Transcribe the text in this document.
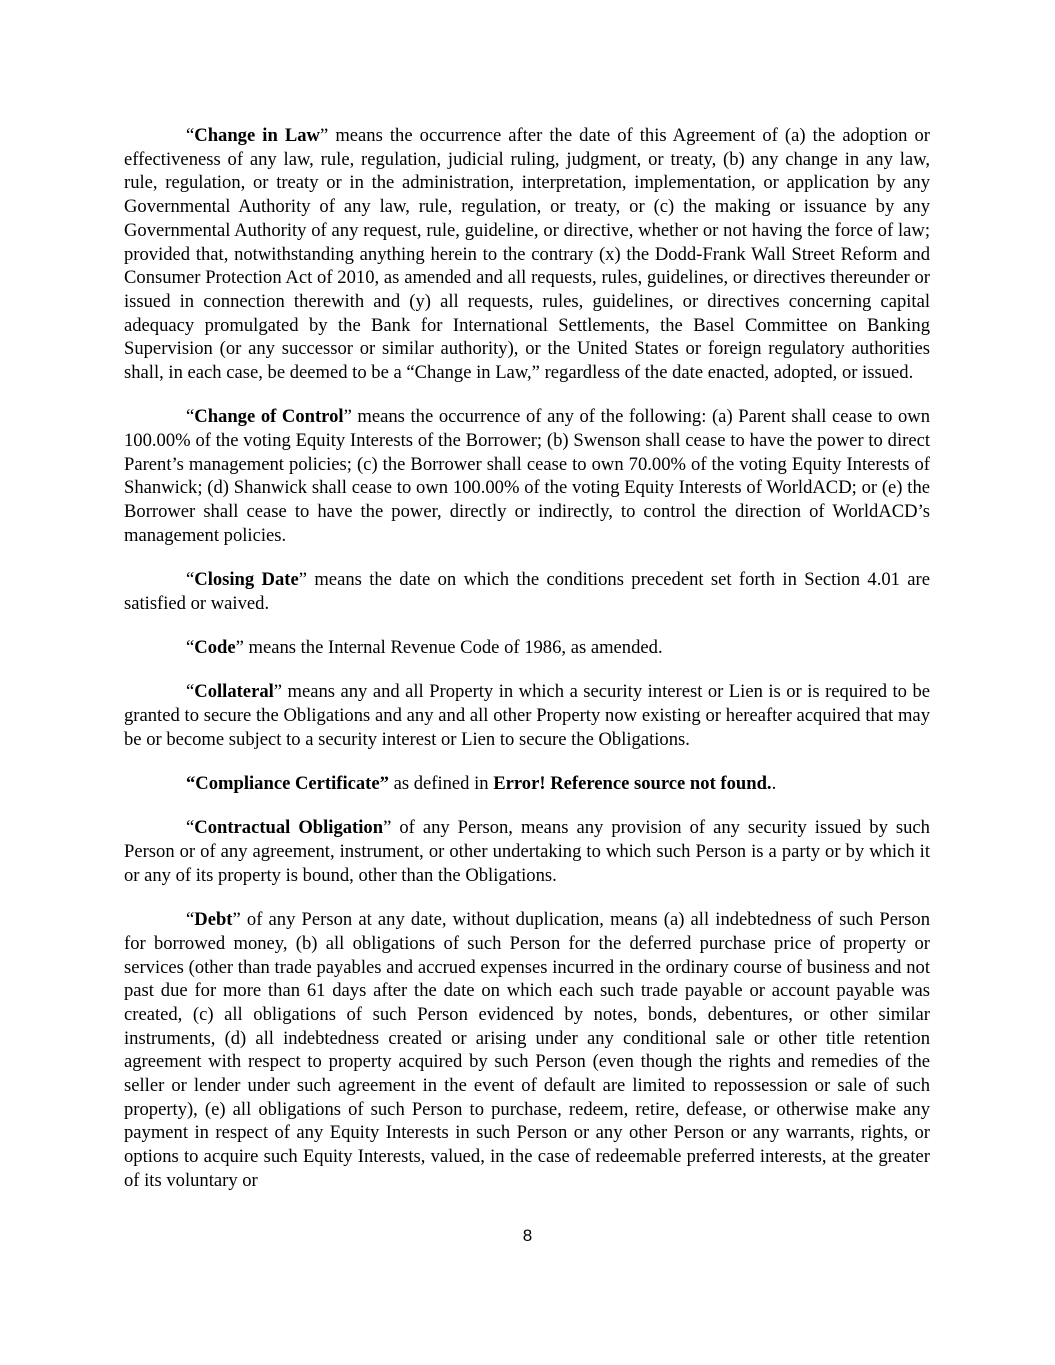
“Change in Law” means the occurrence after the date of this Agreement of (a) the adoption or effectiveness of any law, rule, regulation, judicial ruling, judgment, or treaty, (b) any change in any law, rule, regulation, or treaty or in the administration, interpretation, implementation, or application by any Governmental Authority of any law, rule, regulation, or treaty, or (c) the making or issuance by any Governmental Authority of any request, rule, guideline, or directive, whether or not having the force of law; provided that, notwithstanding anything herein to the contrary (x) the Dodd-Frank Wall Street Reform and Consumer Protection Act of 2010, as amended and all requests, rules, guidelines, or directives thereunder or issued in connection therewith and (y) all requests, rules, guidelines, or directives concerning capital adequacy promulgated by the Bank for International Settlements, the Basel Committee on Banking Supervision (or any successor or similar authority), or the United States or foreign regulatory authorities shall, in each case, be deemed to be a “Change in Law,” regardless of the date enacted, adopted, or issued.

“Change of Control” means the occurrence of any of the following: (a) Parent shall cease to own 100.00% of the voting Equity Interests of the Borrower; (b) Swenson shall cease to have the power to direct Parent’s management policies; (c) the Borrower shall cease to own 70.00% of the voting Equity Interests of Shanwick; (d) Shanwick shall cease to own 100.00% of the voting Equity Interests of WorldACD; or (e) the Borrower shall cease to have the power, directly or indirectly, to control the direction of WorldACD’s management policies.

“Closing Date” means the date on which the conditions precedent set forth in Section 4.01 are satisfied or waived.

“Code” means the Internal Revenue Code of 1986, as amended.

“Collateral” means any and all Property in which a security interest or Lien is or is required to be granted to secure the Obligations and any and all other Property now existing or hereafter acquired that may be or become subject to a security interest or Lien to secure the Obligations.

“Compliance Certificate” as defined in Error! Reference source not found..

“Contractual Obligation” of any Person, means any provision of any security issued by such Person or of any agreement, instrument, or other undertaking to which such Person is a party or by which it or any of its property is bound, other than the Obligations.

“Debt” of any Person at any date, without duplication, means (a) all indebtedness of such Person for borrowed money, (b) all obligations of such Person for the deferred purchase price of property or services (other than trade payables and accrued expenses incurred in the ordinary course of business and not past due for more than 61 days after the date on which each such trade payable or account payable was created, (c) all obligations of such Person evidenced by notes, bonds, debentures, or other similar instruments, (d) all indebtedness created or arising under any conditional sale or other title retention agreement with respect to property acquired by such Person (even though the rights and remedies of the seller or lender under such agreement in the event of default are limited to repossession or sale of such property), (e) all obligations of such Person to purchase, redeem, retire, defease, or otherwise make any payment in respect of any Equity Interests in such Person or any other Person or any warrants, rights, or options to acquire such Equity Interests, valued, in the case of redeemable preferred interests, at the greater of its voluntary or

8
